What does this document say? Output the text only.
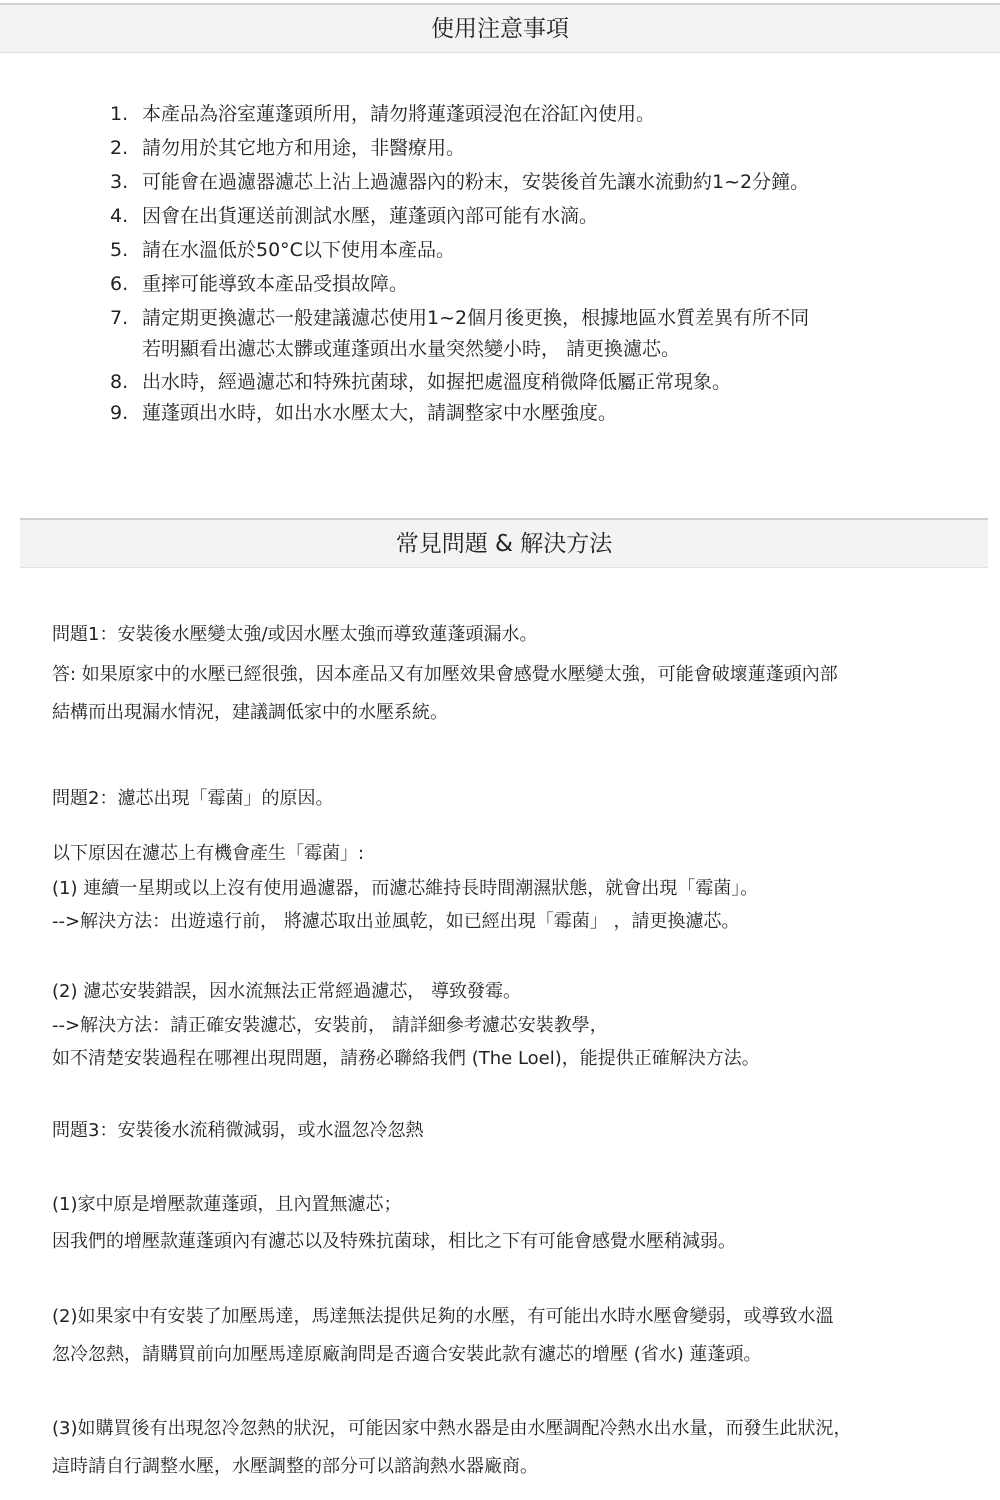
使用注意事項
1. 本產品為浴室蓮蓬頭所用，請勿將蓮蓬頭浸泡在浴缸內使用。
2. 請勿用於其它地方和用途，非醫療用。
3. 可能會在過濾器濾芯上沾上過濾器內的粉末，安裝後首先讓水流動約1~2分鐘。
4. 因會在出貨運送前測試水壓，蓮蓬頭內部可能有水滴。
5. 請在水溫低於50°C以下使用本產品。
6. 重摔可能導致本產品受損故障。
7. 請定期更換濾芯一般建議濾芯使用1~2個月後更換，根據地區水質差異有所不同
若明顯看出濾芯太髒或蓮蓬頭出水量突然變小時， 請更換濾芯。
8. 出水時，經過濾芯和特殊抗菌球，如握把處溫度稍微降低屬正常現象。
9. 蓮蓬頭出水時，如出水水壓太大，請調整家中水壓強度。
常見問題 & 解決方法
問題1：安裝後水壓變太強/或因水壓太強而導致蓮蓬頭漏水。
答: 如果原家中的水壓已經很強，因本產品又有加壓效果會感覺水壓變太強，可能會破壞蓮蓬頭內部
結構而出現漏水情況，建議調低家中的水壓系統。
問題2：濾芯出現「霉菌」的原因。
以下原因在濾芯上有機會產生「霉菌」:
(1) 連續一星期或以上沒有使用過濾器，而濾芯維持長時間潮濕狀態，就會出現「霉菌」。
-->解決方法：出遊遠行前， 將濾芯取出並風乾，如已經出現「霉菌」 ，請更換濾芯。
(2) 濾芯安裝錯誤，因水流無法正常經過濾芯， 導致發霉。
-->解決方法：請正確安裝濾芯，安裝前， 請詳細參考濾芯安裝教學，
如不清楚安裝過程在哪裡出現問題，請務必聯絡我們 (The Loel)，能提供正確解決方法。
問題3：安裝後水流稍微減弱，或水溫忽冷忽熱
(1)家中原是增壓款蓮蓬頭，且內置無濾芯；
因我們的增壓款蓮蓬頭內有濾芯以及特殊抗菌球，相比之下有可能會感覺水壓稍減弱。
(2)如果家中有安裝了加壓馬達，馬達無法提供足夠的水壓，有可能出水時水壓會變弱，或導致水溫
忽冷忽熱，請購買前向加壓馬達原廠詢問是否適合安裝此款有濾芯的增壓 (省水) 蓮蓬頭。
(3)如購買後有出現忽冷忽熱的狀況，可能因家中熱水器是由水壓調配冷熱水出水量，而發生此狀況，
這時請自行調整水壓，水壓調整的部分可以諮詢熱水器廠商。
